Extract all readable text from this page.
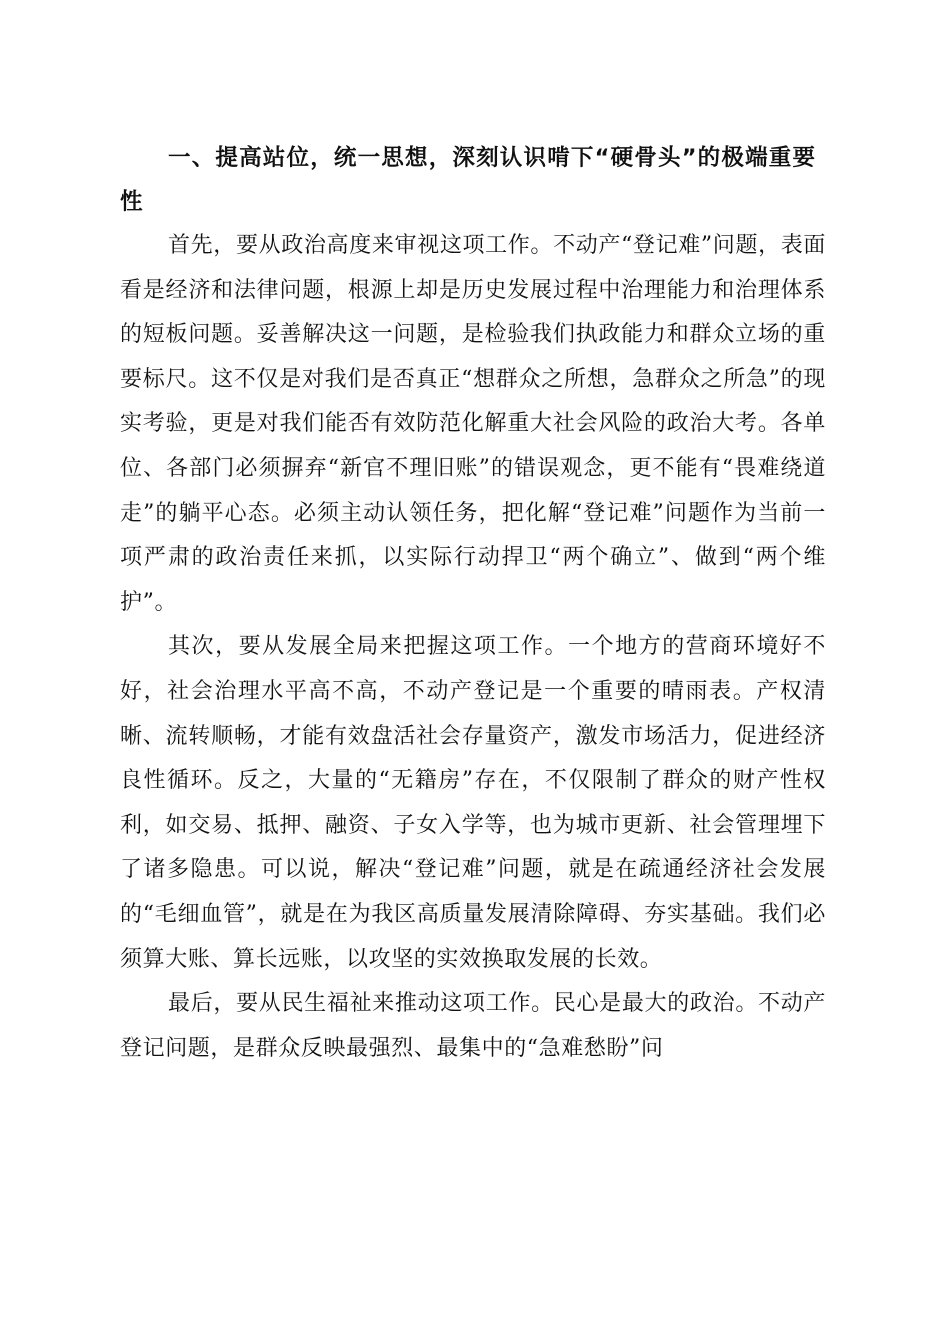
一、提高站位，统一思想，深刻认识啃下“硬骨头”的极端重要性

首先，要从政治高度来审视这项工作。不动产“登记难”问题，表面看是经济和法律问题，根源上却是历史发展过程中治理能力和治理体系的短板问题。妥善解决这一问题，是检验我们执政能力和群众立场的重要标尺。这不仅是对我们是否真正“想群众之所想，急群众之所急”的现实考验，更是对我们能否有效防范化解重大社会风险的政治大考。各单位、各部门必须摒弃“新官不理旧账”的错误观念，更不能有“畏难绕道走”的躺平心态。必须主动认领任务，把化解“登记难”问题作为当前一项严肃的政治责任来抓，以实际行动捍卫“两个确立”、做到“两个维护”。

其次，要从发展全局来把握这项工作。一个地方的营商环境好不好，社会治理水平高不高，不动产登记是一个重要的晴雨表。产权清晰、流转顺畅，才能有效盘活社会存量资产，激发市场活力，促进经济良性循环。反之，大量的“无籍房”存在，不仅限制了群众的财产性权利，如交易、抵押、融资、子女入学等，也为城市更新、社会管理埋下了诸多隐患。可以说，解决“登记难”问题，就是在疏通经济社会发展的“毛细血管”，就是在为我区高质量发展清除障碍、夯实基础。我们必须算大账、算长远账，以攻坚的实效换取发展的长效。

最后，要从民生福祉来推动这项工作。民心是最大的政治。不动产登记问题，是群众反映最强烈、最集中的“急难愁盼”问
